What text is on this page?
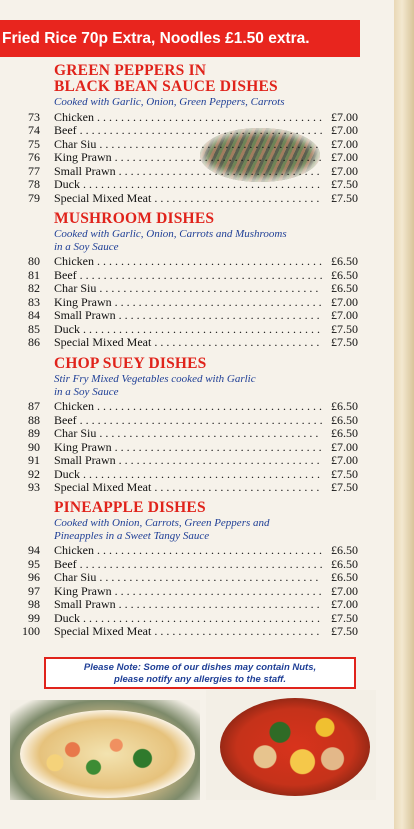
Fried Rice 70p Extra, Noodles £1.50 extra.
GREEN PEPPERS IN
BLACK BEAN SAUCE DISHES
Cooked with Garlic, Onion, Green Peppers, Carrots
73 Chicken . . .	£7.00
74 Beef . . .	£7.00
75 Char Siu . . .	£7.00
76 King Prawn . . .	£7.00
77 Small Prawn . . .	£7.00
78 Duck . . .	£7.50
79 Special Mixed Meat . . .	£7.50
MUSHROOM DISHES
Cooked with Garlic, Onion, Carrots and Mushrooms
in a Soy Sauce
80 Chicken . . .	£6.50
81 Beef . . .	£6.50
82 Char Siu . . .	£6.50
83 King Prawn . . .	£7.00
84 Small Prawn . . .	£7.00
85 Duck . . .	£7.50
86 Special Mixed Meat . . .	£7.50
CHOP SUEY DISHES
Stir Fry Mixed Vegetables cooked with Garlic
in a Soy Sauce
87 Chicken . . .	£6.50
88 Beef . . .	£6.50
89 Char Siu . . .	£6.50
90 King Prawn . . .	£7.00
91 Small Prawn . . .	£7.00
92 Duck . . .	£7.50
93 Special Mixed Meat . . .	£7.50
PINEAPPLE DISHES
Cooked with Onion, Carrots, Green Peppers and
Pineapples in a Sweet Tangy Sauce
94 Chicken . . .	£6.50
95 Beef . . .	£6.50
96 Char Siu . . .	£6.50
97 King Prawn . . .	£7.00
98 Small Prawn . . .	£7.00
99 Duck . . .	£7.50
100 Special Mixed Meat . . .	£7.50
Please Note: Some of our dishes may contain Nuts,
please notify any allergies to the staff.
